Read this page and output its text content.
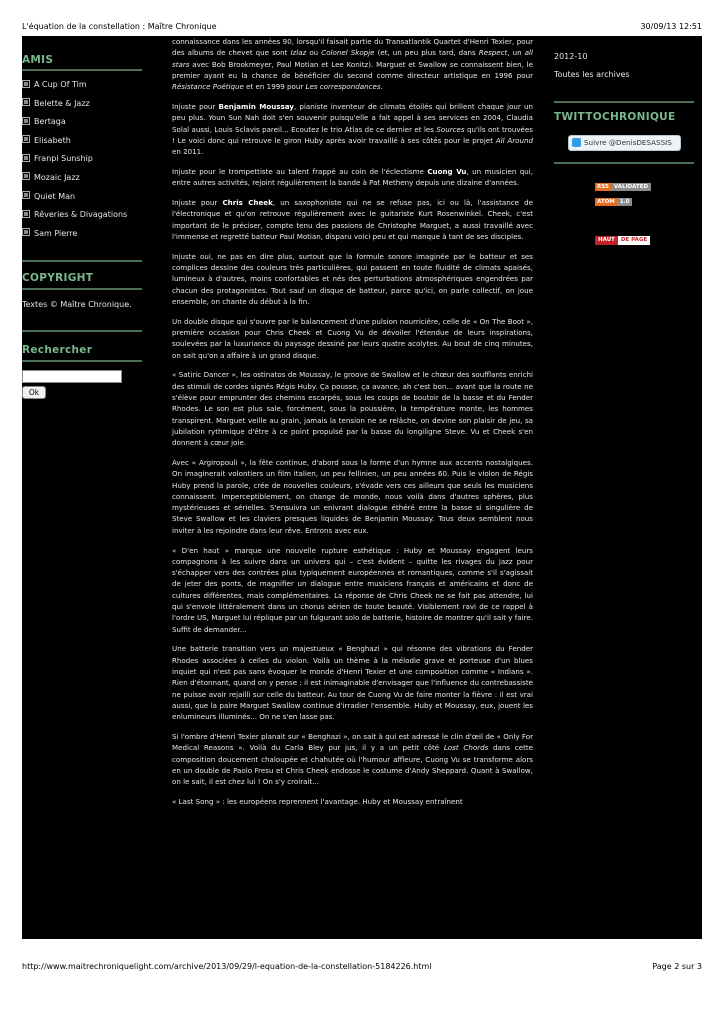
L'équation de la constellation : Maître Chronique	30/09/13 12:51
AMIS
A Cup Of Tim
Belette & Jazz
Bertaga
Elisabeth
Franpi Sunship
Mozaic Jazz
Quiet Man
Rêveries & Divagations
Sam Pierre
COPYRIGHT
Textes © Maître Chronique.
Rechercher
Ok

connaissance dans les années 90, lorsqu'il faisait partie du Transatlantik Quartet d'Henri Texier, pour des albums de chevet que sont Izlaz ou Colonel Skopje (et, un peu plus tard, dans Respect, un all stars avec Bob Brookmeyer, Paul Motian et Lee Konitz). Marguet et Swallow se connaissent bien, le premier ayant eu la chance de bénéficier du second comme directeur artistique en 1996 pour Résistance Poétique et en 1999 pour Les correspondances.

Injuste pour Benjamin Moussay, pianiste inventeur de climats étoilés qui brillent chaque jour un peu plus. Youn Sun Nah doit s'en souvenir puisqu'elle a fait appel à ses services en 2004, Claudia Solal aussi, Louis Sclavis pareil... Ecoutez le trio Atlas de ce dernier et les Sources qu'ils ont trouvées ! Le voici donc qui retrouve le giron Huby après avoir travaillé à ses côtés pour le projet All Around en 2011.

Injuste pour le trompettiste au talent frappé au coin de l'éclectisme Cuong Vu, un musicien qui, entre autres activités, rejoint régulièrement la bande à Pat Metheny depuis une dizaine d'années.

Injuste pour Chris Cheek, un saxophoniste qui ne se refuse pas, ici ou là, l'assistance de l'électronique et qu'on retrouve régulièrement avec le guitariste Kurt Rosenwinkel. Cheek, c'est important de le préciser, compte tenu des passions de Christophe Marguet, a aussi travaillé avec l'immense et regretté batteur Paul Motian, disparu voici peu et qui manque à tant de ses disciples.

Injuste oui, ne pas en dire plus, surtout que la formule sonore imaginée par le batteur et ses complices dessine des couleurs très particulières, qui passent en toute fluidité de climats apaisés, lumineux à d'autres, moins confortables et nés des perturbations atmosphériques engendrées par chacun des protagonistes. Tout sauf un disque de batteur, parce qu'ici, on parle collectif, on joue ensemble, on chante du début à la fin.

Un double disque qui s'ouvre par le balancement d'une pulsion nourricière, celle de « On The Boot », première occasion pour Chris Cheek et Cuong Vu de dévoiler l'étendue de leurs inspirations, soulevées par la luxuriance du paysage dessiné par leurs quatre acolytes. Au bout de cinq minutes, on sait qu'on a affaire à un grand disque.

« Satiric Dancer », les ostinatos de Moussay, le groove de Swallow et le chœur des soufflants enrichi des stimuli de cordes signés Régis Huby. Ça pousse, ça avance, ah c'est bon... avant que la route ne s'élève pour emprunter des chemins escarpés, sous les coups de boutoir de la basse et du Fender Rhodes. Le son est plus sale, forcément, sous la poussière, la température monte, les hommes transpirent. Marguet veille au grain, jamais la tension ne se relâche, on devine son plaisir de jeu, sa jubilation rythmique d'être à ce point propulsé par la basse du longiligne Steve. Vu et Cheek s'en donnent à cœur joie.

Avec « Argiropouli », la fête continue, d'abord sous la forme d'un hymne aux accents nostalgiques. On imaginerait volontiers un film italien, un peu fellinien, un peu années 60. Puis le violon de Régis Huby prend la parole, crée de nouvelles couleurs, s'évade vers ces ailleurs que seuls les musiciens connaissent. Imperceptiblement, on change de monde, nous voilà dans d'autres sphères, plus mystérieuses et sérielles. S'ensuivra un enivrant dialogue éthéré entre la basse si singulière de Steve Swallow et les claviers presques liquides de Benjamin Moussay. Tous deux semblent nous inviter à les rejoindre dans leur rêve. Entrons avec eux.

« D'en haut » marque une nouvelle rupture esthétique : Huby et Moussay engagent leurs compagnons à les suivre dans un univers qui – c'est évident – quitte les rivages du jazz pour s'échapper vers des contrées plus typiquement européennes et romantiques, comme s'il s'agissait de jeter des ponts, de magnifier un dialogue entre musiciens français et américains et donc de cultures différentes, mais complémentaires. La réponse de Chris Cheek ne se fait pas attendre, lui qui s'envole littéralement dans un chorus aérien de toute beauté. Visiblement ravi de ce rappel à l'ordre US, Marguet lui réplique par un fulgurant solo de batterie, histoire de montrer qu'il sait y faire. Suffit de demander...

Une batterie transition vers un majestueux « Benghazi » qui résonne des vibrations du Fender Rhodes associées à celles du violon. Voilà un thème à la mélodie grave et porteuse d'un blues inquiet qui n'est pas sans évoquer le monde d'Henri Texier et une composition comme « Indians ». Rien d'étonnant, quand on y pense : il est inimaginable d'envisager que l'influence du contrebassiste ne puisse avoir rejailli sur celle du batteur. Au tour de Cuong Vu de faire monter la fièvre : il est vrai aussi, que la paire Marguet Swallow continue d'irradier l'ensemble. Huby et Moussay, eux, jouent les enlumineurs illuminés... On ne s'en lasse pas.

Si l'ombre d'Henri Texier planait sur « Benghazi », on sait à qui est adressé le clin d'œil de « Only For Medical Reasons ». Voilà du Carla Bley pur jus, il y a un petit côté Lost Chords dans cette composition doucement chaloupée et chahutée où l'humour affleure, Cuong Vu se transforme alors en un double de Paolo Fresu et Chris Cheek endosse le costume d'Andy Sheppard. Quant à Swallow, on le sait, il est chez lui ! On s'y croirait...

« Last Song » : les européens reprennent l'avantage. Huby et Moussay entraînent

2012-10
Toutes les archives
TWITTOCHRONIQUE
Suivre @DenisDESASSIS
RSS VALIDATED
ATOM 1.0
HAUT	DE PAGE
http://www.maitrechroniquelight.com/archive/2013/09/29/l-equation-de-la-constellation-5184226.html	Page 2 sur 3
